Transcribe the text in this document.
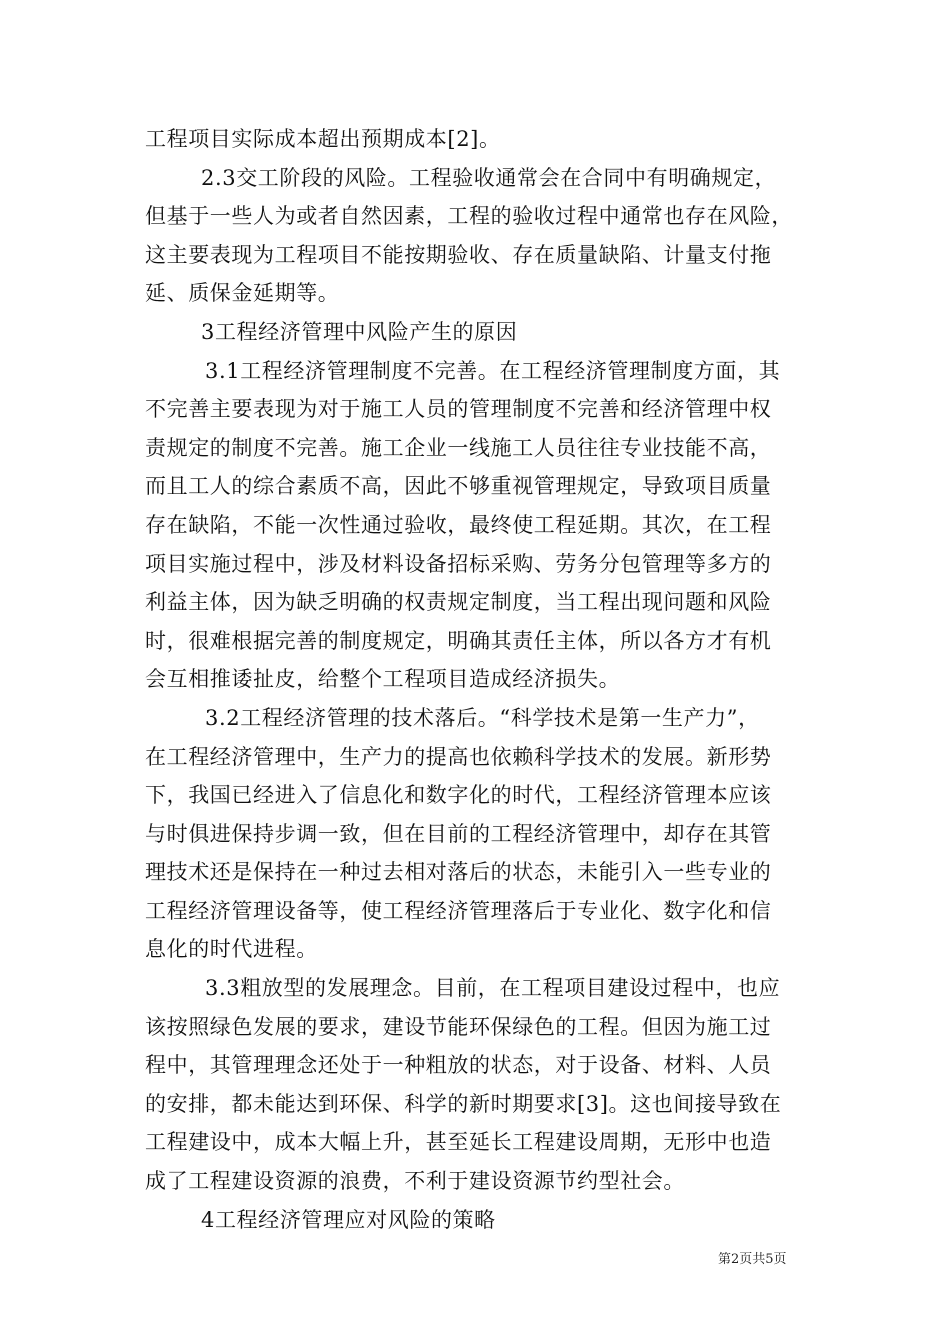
工程项目实际成本超出预期成本[2]。
2.3交工阶段的风险。工程验收通常会在合同中有明确规定，
但基于一些人为或者自然因素，工程的验收过程中通常也存在风险，
这主要表现为工程项目不能按期验收、存在质量缺陷、计量支付拖
延、质保金延期等。
3工程经济管理中风险产生的原因
3.1工程经济管理制度不完善。在工程经济管理制度方面，其
不完善主要表现为对于施工人员的管理制度不完善和经济管理中权
责规定的制度不完善。施工企业一线施工人员往往专业技能不高，
而且工人的综合素质不高，因此不够重视管理规定，导致项目质量
存在缺陷，不能一次性通过验收，最终使工程延期。其次，在工程
项目实施过程中，涉及材料设备招标采购、劳务分包管理等多方的
利益主体，因为缺乏明确的权责规定制度，当工程出现问题和风险
时，很难根据完善的制度规定，明确其责任主体，所以各方才有机
会互相推诿扯皮，给整个工程项目造成经济损失。
3.2工程经济管理的技术落后。“科学技术是第一生产力”，
在工程经济管理中，生产力的提高也依赖科学技术的发展。新形势
下，我国已经进入了信息化和数字化的时代，工程经济管理本应该
与时俱进保持步调一致，但在目前的工程经济管理中，却存在其管
理技术还是保持在一种过去相对落后的状态，未能引入一些专业的
工程经济管理设备等，使工程经济管理落后于专业化、数字化和信
息化的时代进程。
3.3粗放型的发展理念。目前，在工程项目建设过程中，也应
该按照绿色发展的要求，建设节能环保绿色的工程。但因为施工过
程中，其管理理念还处于一种粗放的状态，对于设备、材料、人员
的安排，都未能达到环保、科学的新时期要求[3]。这也间接导致在
工程建设中，成本大幅上升，甚至延长工程建设周期，无形中也造
成了工程建设资源的浪费，不利于建设资源节约型社会。
4工程经济管理应对风险的策略
第2页共5页
